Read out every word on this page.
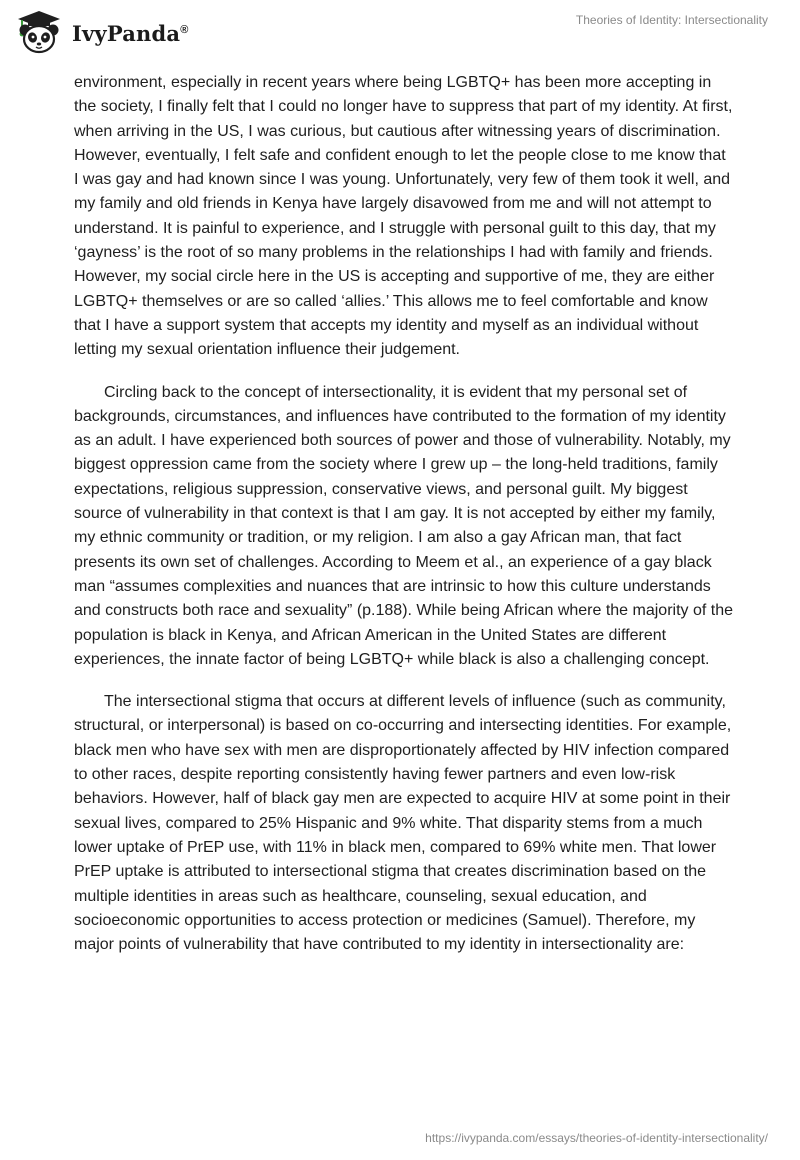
IvyPanda®
Theories of Identity: Intersectionality

environment, especially in recent years where being LGBTQ+ has been more accepting in the society, I finally felt that I could no longer have to suppress that part of my identity. At first, when arriving in the US, I was curious, but cautious after witnessing years of discrimination. However, eventually, I felt safe and confident enough to let the people close to me know that I was gay and had known since I was young. Unfortunately, very few of them took it well, and my family and old friends in Kenya have largely disavowed from me and will not attempt to understand. It is painful to experience, and I struggle with personal guilt to this day, that my ‘gayness’ is the root of so many problems in the relationships I had with family and friends. However, my social circle here in the US is accepting and supportive of me, they are either LGBTQ+ themselves or are so called ‘allies.’ This allows me to feel comfortable and know that I have a support system that accepts my identity and myself as an individual without letting my sexual orientation influence their judgement.

Circling back to the concept of intersectionality, it is evident that my personal set of backgrounds, circumstances, and influences have contributed to the formation of my identity as an adult. I have experienced both sources of power and those of vulnerability. Notably, my biggest oppression came from the society where I grew up – the long-held traditions, family expectations, religious suppression, conservative views, and personal guilt. My biggest source of vulnerability in that context is that I am gay. It is not accepted by either my family, my ethnic community or tradition, or my religion. I am also a gay African man, that fact presents its own set of challenges. According to Meem et al., an experience of a gay black man “assumes complexities and nuances that are intrinsic to how this culture understands and constructs both race and sexuality” (p.188). While being African where the majority of the population is black in Kenya, and African American in the United States are different experiences, the innate factor of being LGBTQ+ while black is also a challenging concept.

The intersectional stigma that occurs at different levels of influence (such as community, structural, or interpersonal) is based on co-occurring and intersecting identities. For example, black men who have sex with men are disproportionately affected by HIV infection compared to other races, despite reporting consistently having fewer partners and even low-risk behaviors. However, half of black gay men are expected to acquire HIV at some point in their sexual lives, compared to 25% Hispanic and 9% white. That disparity stems from a much lower uptake of PrEP use, with 11% in black men, compared to 69% white men. That lower PrEP uptake is attributed to intersectional stigma that creates discrimination based on the multiple identities in areas such as healthcare, counseling, sexual education, and socioeconomic opportunities to access protection or medicines (Samuel). Therefore, my major points of vulnerability that have contributed to my identity in intersectionality are:

https://ivypanda.com/essays/theories-of-identity-intersectionality/
